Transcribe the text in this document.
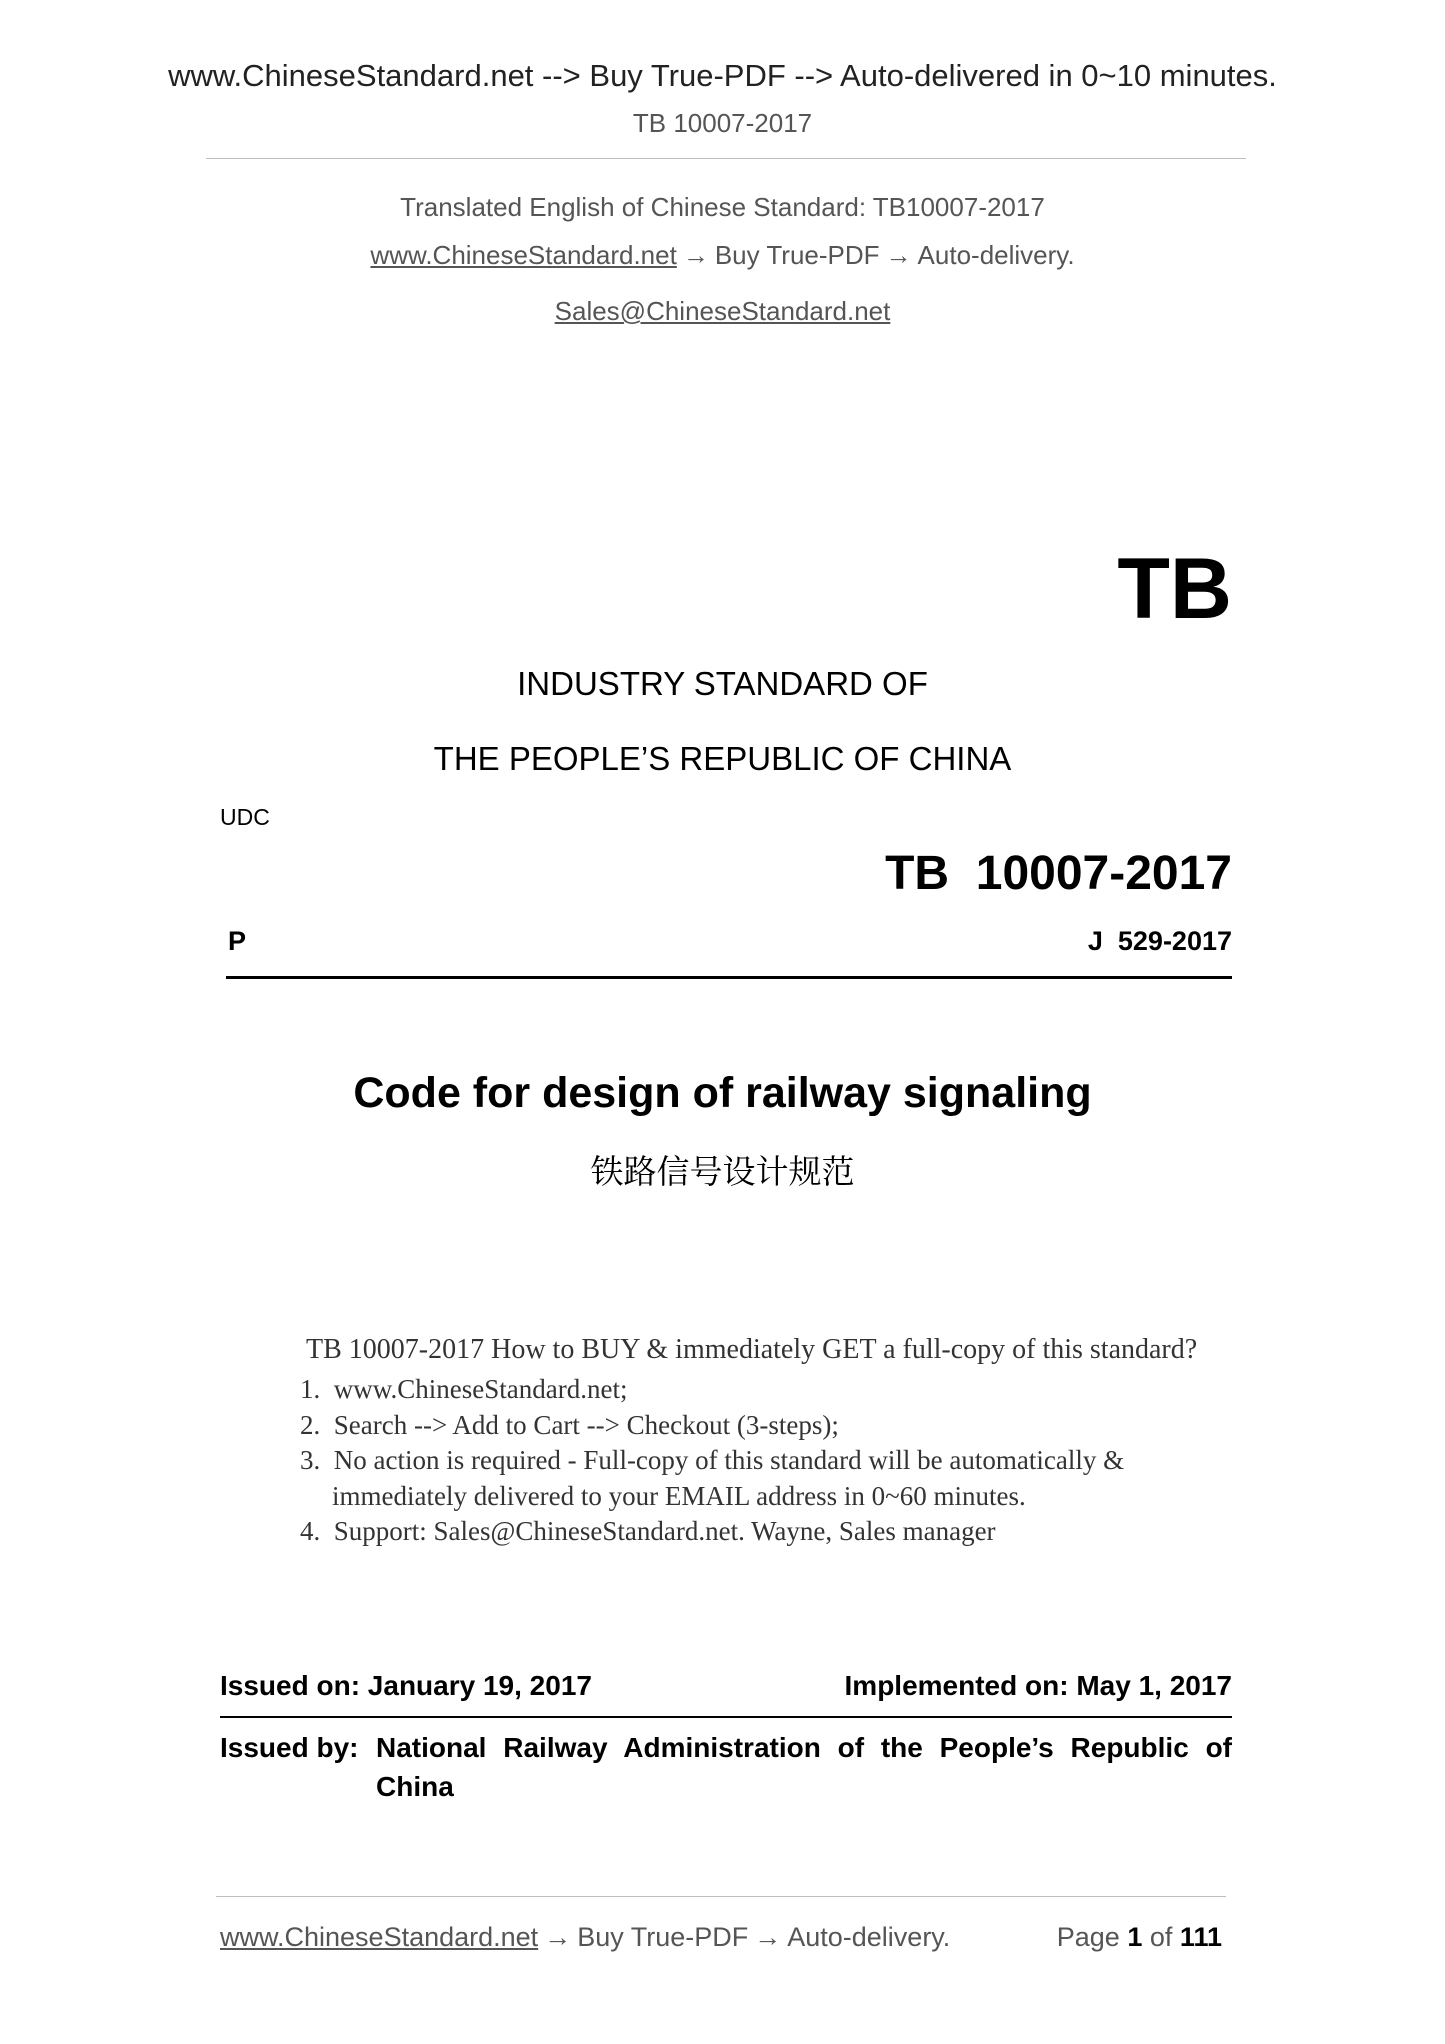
www.ChineseStandard.net --> Buy True-PDF --> Auto-delivered in 0~10 minutes.
TB 10007-2017
Translated English of Chinese Standard: TB10007-2017
www.ChineseStandard.net → Buy True-PDF → Auto-delivery.
Sales@ChineseStandard.net
TB
INDUSTRY STANDARD OF
THE PEOPLE’S REPUBLIC OF CHINA
UDC
TB  10007-2017
P	J  529-2017
Code for design of railway signaling
铁路信号设计规范
TB 10007-2017 How to BUY & immediately GET a full-copy of this standard?
1. www.ChineseStandard.net;
2. Search --> Add to Cart --> Checkout (3-steps);
3. No action is required - Full-copy of this standard will be automatically &
immediately delivered to your EMAIL address in 0~60 minutes.
4. Support: Sales@ChineseStandard.net. Wayne, Sales manager
Issued on: January 19, 2017	Implemented on: May 1, 2017
Issued by: National Railway Administration of the People’s Republic of
China
www.ChineseStandard.net → Buy True-PDF → Auto-delivery.	Page 1 of 111
